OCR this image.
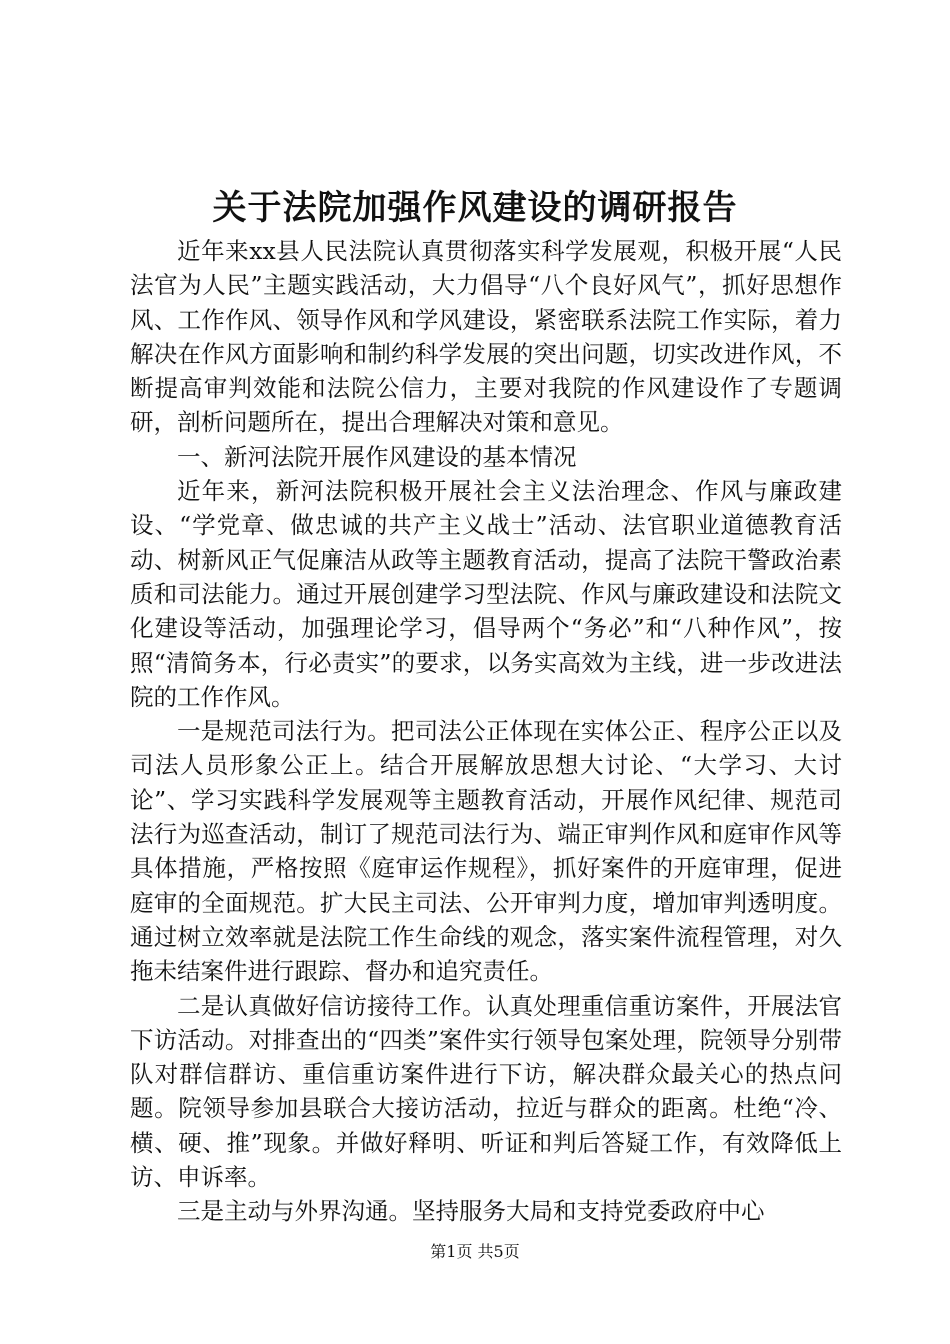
关于法院加强作风建设的调研报告

近年来xx县人民法院认真贯彻落实科学发展观，积极开展“人民法官为人民”主题实践活动，大力倡导“八个良好风气”，抓好思想作风、工作作风、领导作风和学风建设，紧密联系法院工作实际，着力解决在作风方面影响和制约科学发展的突出问题，切实改进作风，不断提高审判效能和法院公信力，主要对我院的作风建设作了专题调研，剖析问题所在，提出合理解决对策和意见。

一、新河法院开展作风建设的基本情况

近年来，新河法院积极开展社会主义法治理念、作风与廉政建设、“学党章、做忠诚的共产主义战士”活动、法官职业道德教育活动、树新风正气促廉洁从政等主题教育活动，提高了法院干警政治素质和司法能力。通过开展创建学习型法院、作风与廉政建设和法院文化建设等活动，加强理论学习，倡导两个“务必”和“八种作风”，按照“清简务本，行必责实”的要求，以务实高效为主线，进一步改进法院的工作作风。

一是规范司法行为。把司法公正体现在实体公正、程序公正以及司法人员形象公正上。结合开展解放思想大讨论、“大学习、大讨论”、学习实践科学发展观等主题教育活动，开展作风纪律、规范司法行为巡查活动，制订了规范司法行为、端正审判作风和庭审作风等具体措施，严格按照《庭审运作规程》，抓好案件的开庭审理，促进庭审的全面规范。扩大民主司法、公开审判力度，增加审判透明度。通过树立效率就是法院工作生命线的观念，落实案件流程管理，对久拖未结案件进行跟踪、督办和追究责任。

二是认真做好信访接待工作。认真处理重信重访案件，开展法官下访活动。对排查出的“四类”案件实行领导包案处理，院领导分别带队对群信群访、重信重访案件进行下访，解决群众最关心的热点问题。院领导参加县联合大接访活动，拉近与群众的距离。杜绝“冷、横、硬、推”现象。并做好释明、听证和判后答疑工作，有效降低上访、申诉率。

三是主动与外界沟通。坚持服务大局和支持党委政府中心

第1页 共5页
